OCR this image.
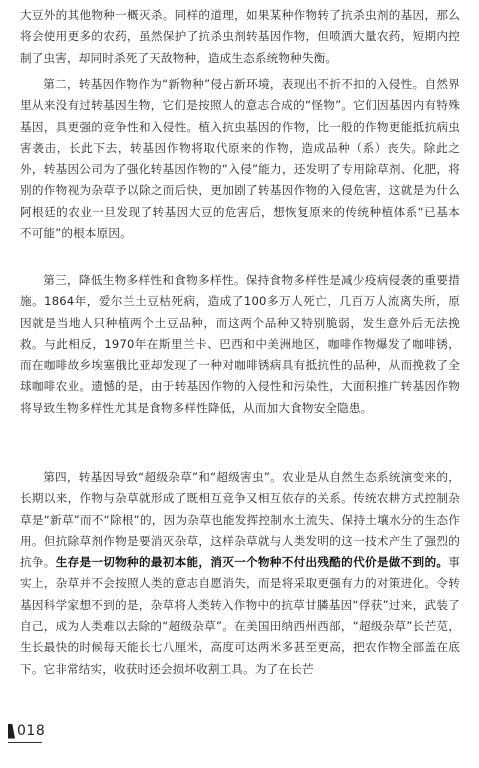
大豆外的其他物种一概灭杀。同样的道理，如果某种作物转了抗杀虫剂的基因，那么将会使用更多的农药，虽然保护了抗杀虫剂转基因作物，但喷洒大量农药，短期内控制了虫害，却同时杀死了天敌物种，造成生态系统物种失衡。

第二，转基因作物作为“新物种”侵占新环境，表现出不折不扣的入侵性。自然界里从来没有过转基因生物，它们是按照人的意志合成的“怪物”。它们因基因内有特殊基因，具更强的竞争性和入侵性。植入抗虫基因的作物，比一般的作物更能抵抗病虫害袭击，长此下去，转基因作物将取代原来的作物，造成品种（系）丧失。除此之外，转基因公司为了强化转基因作物的“入侵”能力，还发明了专用除草剂、化肥，将别的作物视为杂草予以除之而后快，更加剧了转基因作物的入侵危害，这就是为什么阿根廷的农业一旦发现了转基因大豆的危害后，想恢复原来的传统种植体系“已基本不可能”的根本原因。

第三，降低生物多样性和食物多样性。保持食物多样性是减少疫病侵袭的重要措施。1864年，爱尔兰土豆枯死病，造成了100多万人死亡，几百万人流离失所，原因就是当地人只种植两个土豆品种，而这两个品种又特别脆弱，发生意外后无法挽救。与此相反，1970年在斯里兰卡、巴西和中美洲地区，咖啡作物爆发了咖啡锈，而在咖啡故乡埃塞俄比亚却发现了一种对咖啡锈病具有抵抗性的品种，从而挽救了全球咖啡农业。遗憾的是，由于转基因作物的入侵性和污染性，大面积推广转基因作物将导致生物多样性尤其是食物多样性降低，从而加大食物安全隐患。

第四，转基因导致“超级杂草”和“超级害虫”。农业是从自然生态系统演变来的，长期以来，作物与杂草就形成了既相互竞争又相互依存的关系。传统农耕方式控制杂草是“新草”而不“除根”的，因为杂草也能发挥控制水土流失、保持土壤水分的生态作用。但抗除草剂作物是要消灭杂草，这样杂草就与人类发明的这一技术产生了强烈的抗争。生存是一切物种的最初本能，消灭一个物种不付出残酷的代价是做不到的。事实上，杂草并不会按照人类的意志自愿消失，而是将采取更强有力的对策进化。令转基因科学家想不到的是，杂草将人类转入作物中的抗草甘膦基因“俘获”过来，武装了自己，成为人类难以去除的“超级杂草”。在美国田纳西州西部，“超级杂草”长芒苋，生长最快的时候每天能长七八厘米，高度可达两米多甚至更高，把农作物全部盖在底下。它非常结实，收获时还会损坏收割工具。为了在长芒

018
